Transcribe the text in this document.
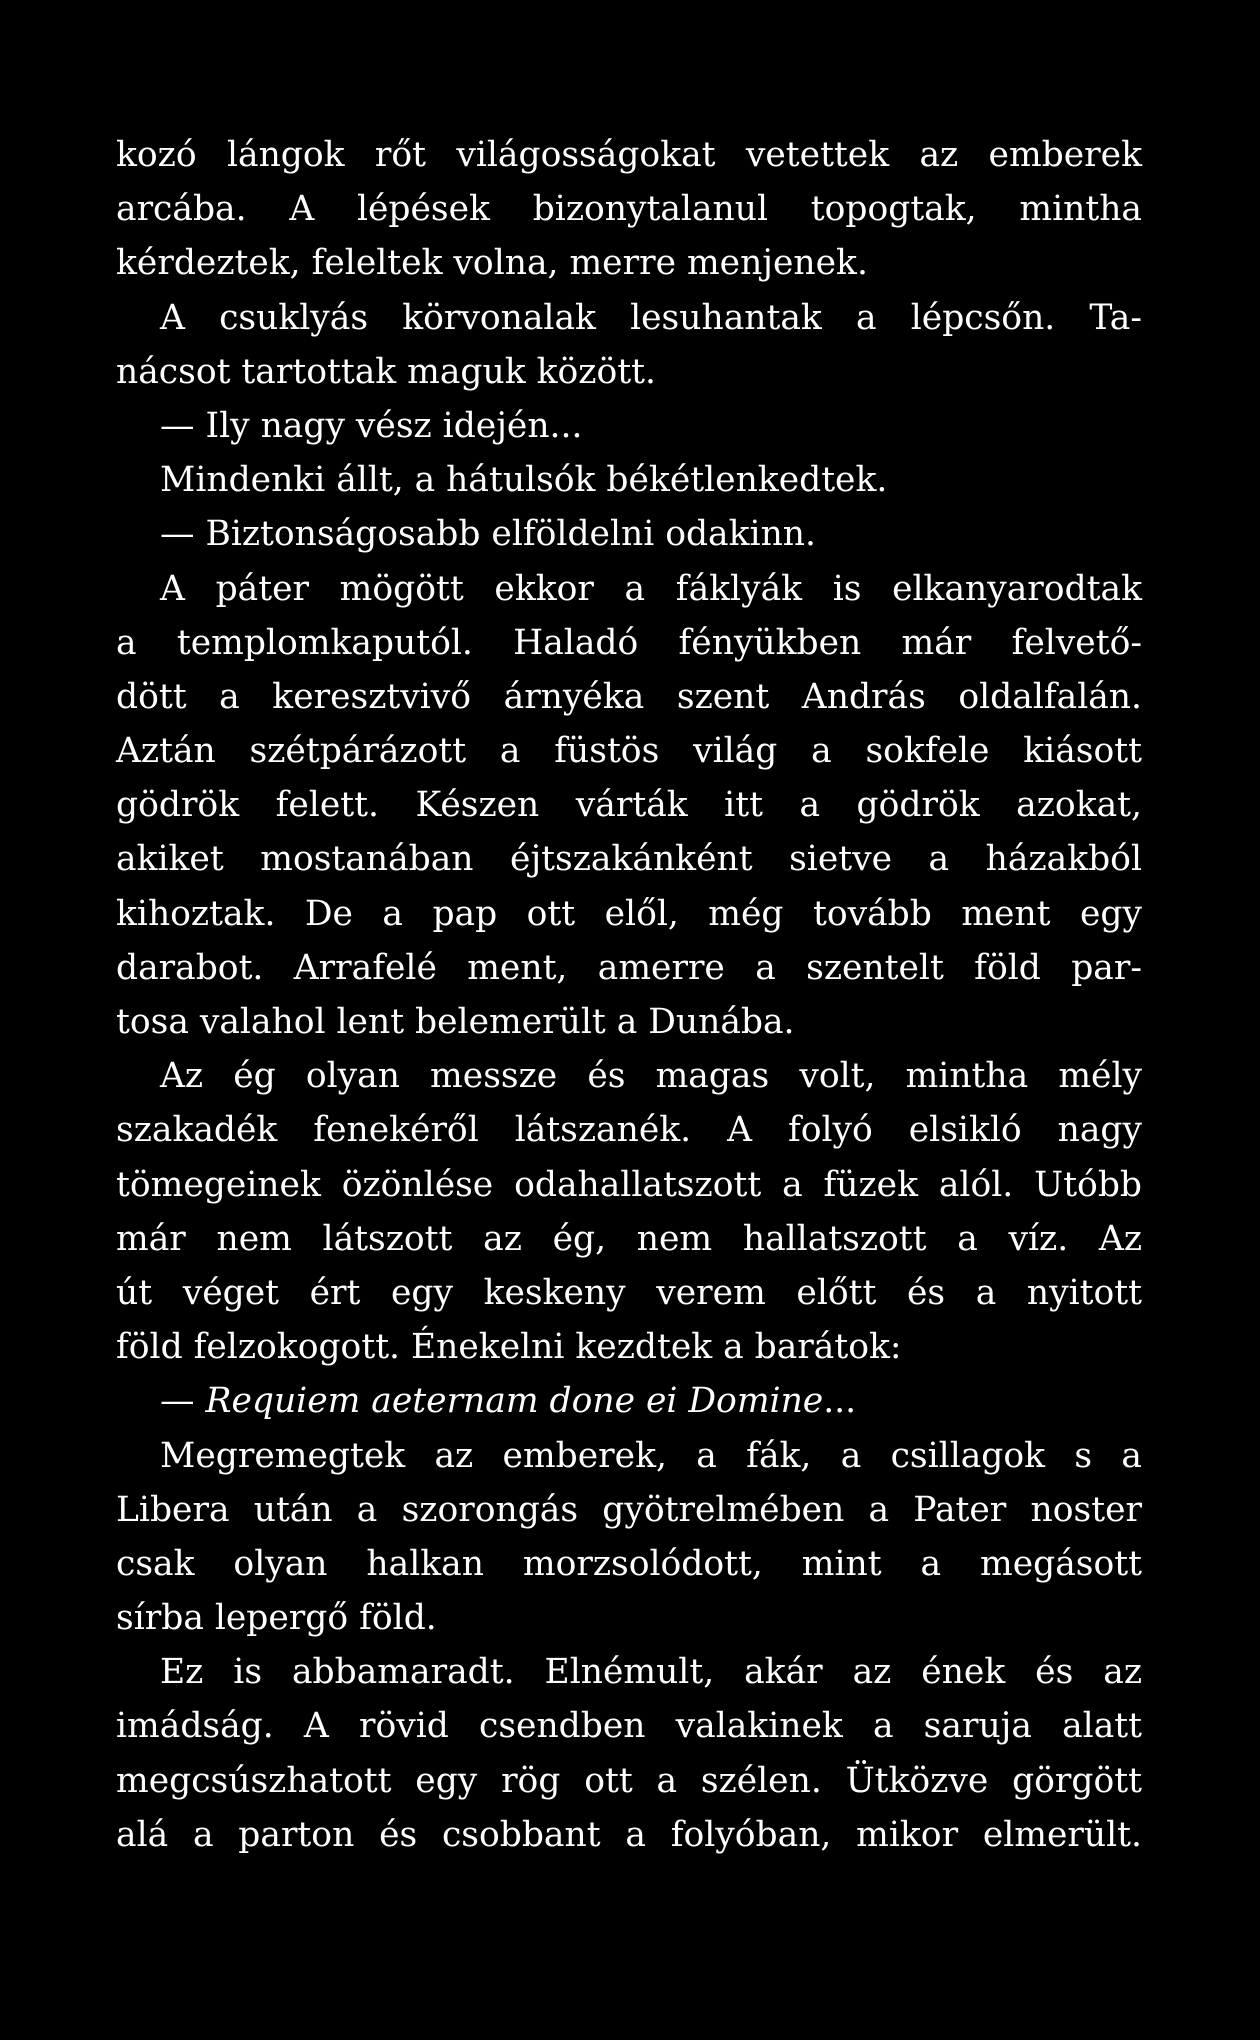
kozó lángok rőt világosságokat vetettek az emberek
arcába. A lépések bizonytalanul topogtak, mintha
kérdeztek, feleltek volna, merre menjenek.
A csuklyás körvonalak lesuhantak a lépcsőn. Ta-
nácsot tartottak maguk között.
— Ily nagy vész idején...
Mindenki állt, a hátulsók békétlenkedtek.
— Biztonságosabb elföldelni odakinn.
A páter mögött ekkor a fáklyák is elkanyarodtak
a templomkaputól. Haladó fényükben már felvető-
dött a keresztvivő árnyéka szent András oldalfalán.
Aztán szétpárázott a füstös világ a sokfele kiásott
gödrök felett. Készen várták itt a gödrök azokat,
akiket mostanában éjtszakánként sietve a házakból
kihoztak. De a pap ott elől, még tovább ment egy
darabot. Arrafelé ment, amerre a szentelt föld par-
tosa valahol lent belemerült a Dunába.
Az ég olyan messze és magas volt, mintha mély
szakadék fenekéről látszanék. A folyó elsikló nagy
tömegeinek özönlése odahallatszott a füzek alól. Utóbb
már nem látszott az ég, nem hallatszott a víz. Az
út véget ért egy keskeny verem előtt és a nyitott
föld felzokogott. Énekelni kezdtek a barátok:
— Requiem aeternam done ei Domine...
Megremegtek az emberek, a fák, a csillagok s a
Libera után a szorongás gyötrelmében a Pater noster
csak olyan halkan morzsolódott, mint a megásott
sírba lepergő föld.
Ez is abbamaradt. Elnémult, akár az ének és az
imádság. A rövid csendben valakinek a saruja alatt
megcsúszhatott egy rög ott a szélen. Ütközve görgött
alá a parton és csobbant a folyóban, mikor elmerült.
